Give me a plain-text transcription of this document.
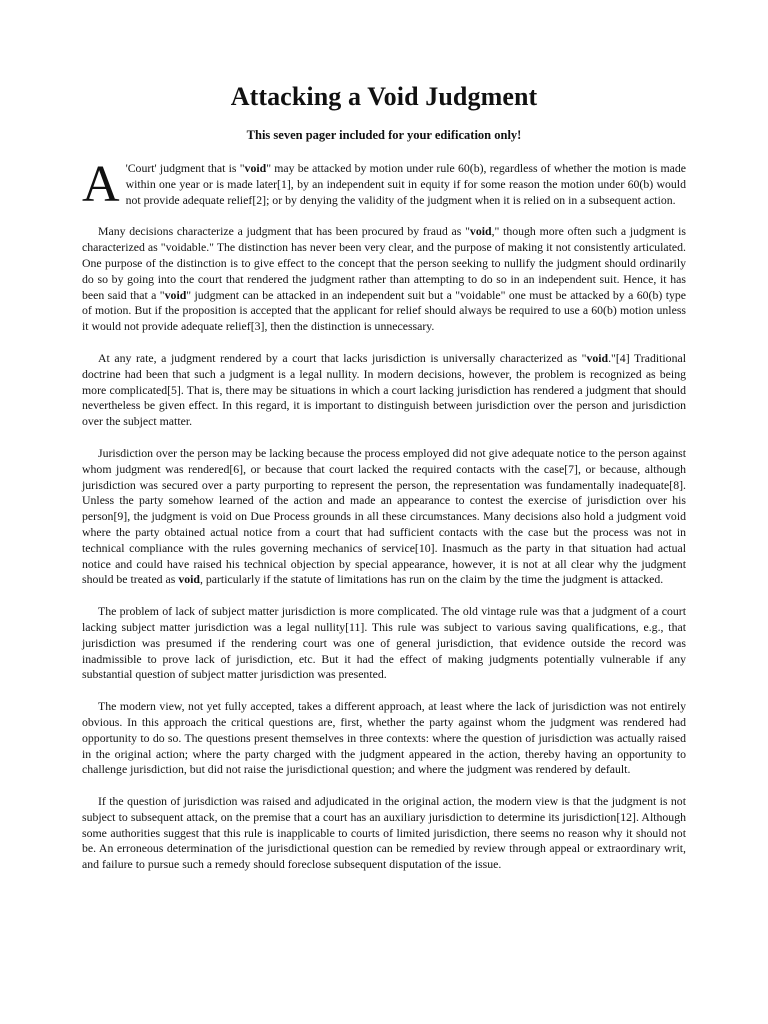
Attacking a Void Judgment
This seven pager included for your edification only!

A 'Court' judgment that is "void" may be attacked by motion under rule 60(b), regardless of whether the motion is made within one year or is made later[1], by an independent suit in equity if for some reason the motion under 60(b) would not provide adequate relief[2]; or by denying the validity of the judgment when it is relied on in a subsequent action.

Many decisions characterize a judgment that has been procured by fraud as "void," though more often such a judgment is characterized as "voidable." The distinction has never been very clear, and the purpose of making it not consistently articulated. One purpose of the distinction is to give effect to the concept that the person seeking to nullify the judgment should ordinarily do so by going into the court that rendered the judgment rather than attempting to do so in an independent suit. Hence, it has been said that a "void" judgment can be attacked in an independent suit but a "voidable" one must be attacked by a 60(b) type of motion. But if the proposition is accepted that the applicant for relief should always be required to use a 60(b) motion unless it would not provide adequate relief[3], then the distinction is unnecessary.

At any rate, a judgment rendered by a court that lacks jurisdiction is universally characterized as "void."[4] Traditional doctrine had been that such a judgment is a legal nullity. In modern decisions, however, the problem is recognized as being more complicated[5]. That is, there may be situations in which a court lacking jurisdiction has rendered a judgment that should nevertheless be given effect. In this regard, it is important to distinguish between jurisdiction over the person and jurisdiction over the subject matter.

Jurisdiction over the person may be lacking because the process employed did not give adequate notice to the person against whom judgment was rendered[6], or because that court lacked the required contacts with the case[7], or because, although jurisdiction was secured over a party purporting to represent the person, the representation was fundamentally inadequate[8]. Unless the party somehow learned of the action and made an appearance to contest the exercise of jurisdiction over his person[9], the judgment is void on Due Process grounds in all these circumstances. Many decisions also hold a judgment void where the party obtained actual notice from a court that had sufficient contacts with the case but the process was not in technical compliance with the rules governing mechanics of service[10]. Inasmuch as the party in that situation had actual notice and could have raised his technical objection by special appearance, however, it is not at all clear why the judgment should be treated as void, particularly if the statute of limitations has run on the claim by the time the judgment is attacked.

The problem of lack of subject matter jurisdiction is more complicated. The old vintage rule was that a judgment of a court lacking subject matter jurisdiction was a legal nullity[11]. This rule was subject to various saving qualifications, e.g., that jurisdiction was presumed if the rendering court was one of general jurisdiction, that evidence outside the record was inadmissible to prove lack of jurisdiction, etc. But it had the effect of making judgments potentially vulnerable if any substantial question of subject matter jurisdiction was presented.

The modern view, not yet fully accepted, takes a different approach, at least where the lack of jurisdiction was not entirely obvious. In this approach the critical questions are, first, whether the party against whom the judgment was rendered had opportunity to do so. The questions present themselves in three contexts: where the question of jurisdiction was actually raised in the original action; where the party charged with the judgment appeared in the action, thereby having an opportunity to challenge jurisdiction, but did not raise the jurisdictional question; and where the judgment was rendered by default.

If the question of jurisdiction was raised and adjudicated in the original action, the modern view is that the judgment is not subject to subsequent attack, on the premise that a court has an auxiliary jurisdiction to determine its jurisdiction[12]. Although some authorities suggest that this rule is inapplicable to courts of limited jurisdiction, there seems no reason why it should not be. An erroneous determination of the jurisdictional question can be remedied by review through appeal or extraordinary writ, and failure to pursue such a remedy should foreclose subsequent disputation of the issue.
